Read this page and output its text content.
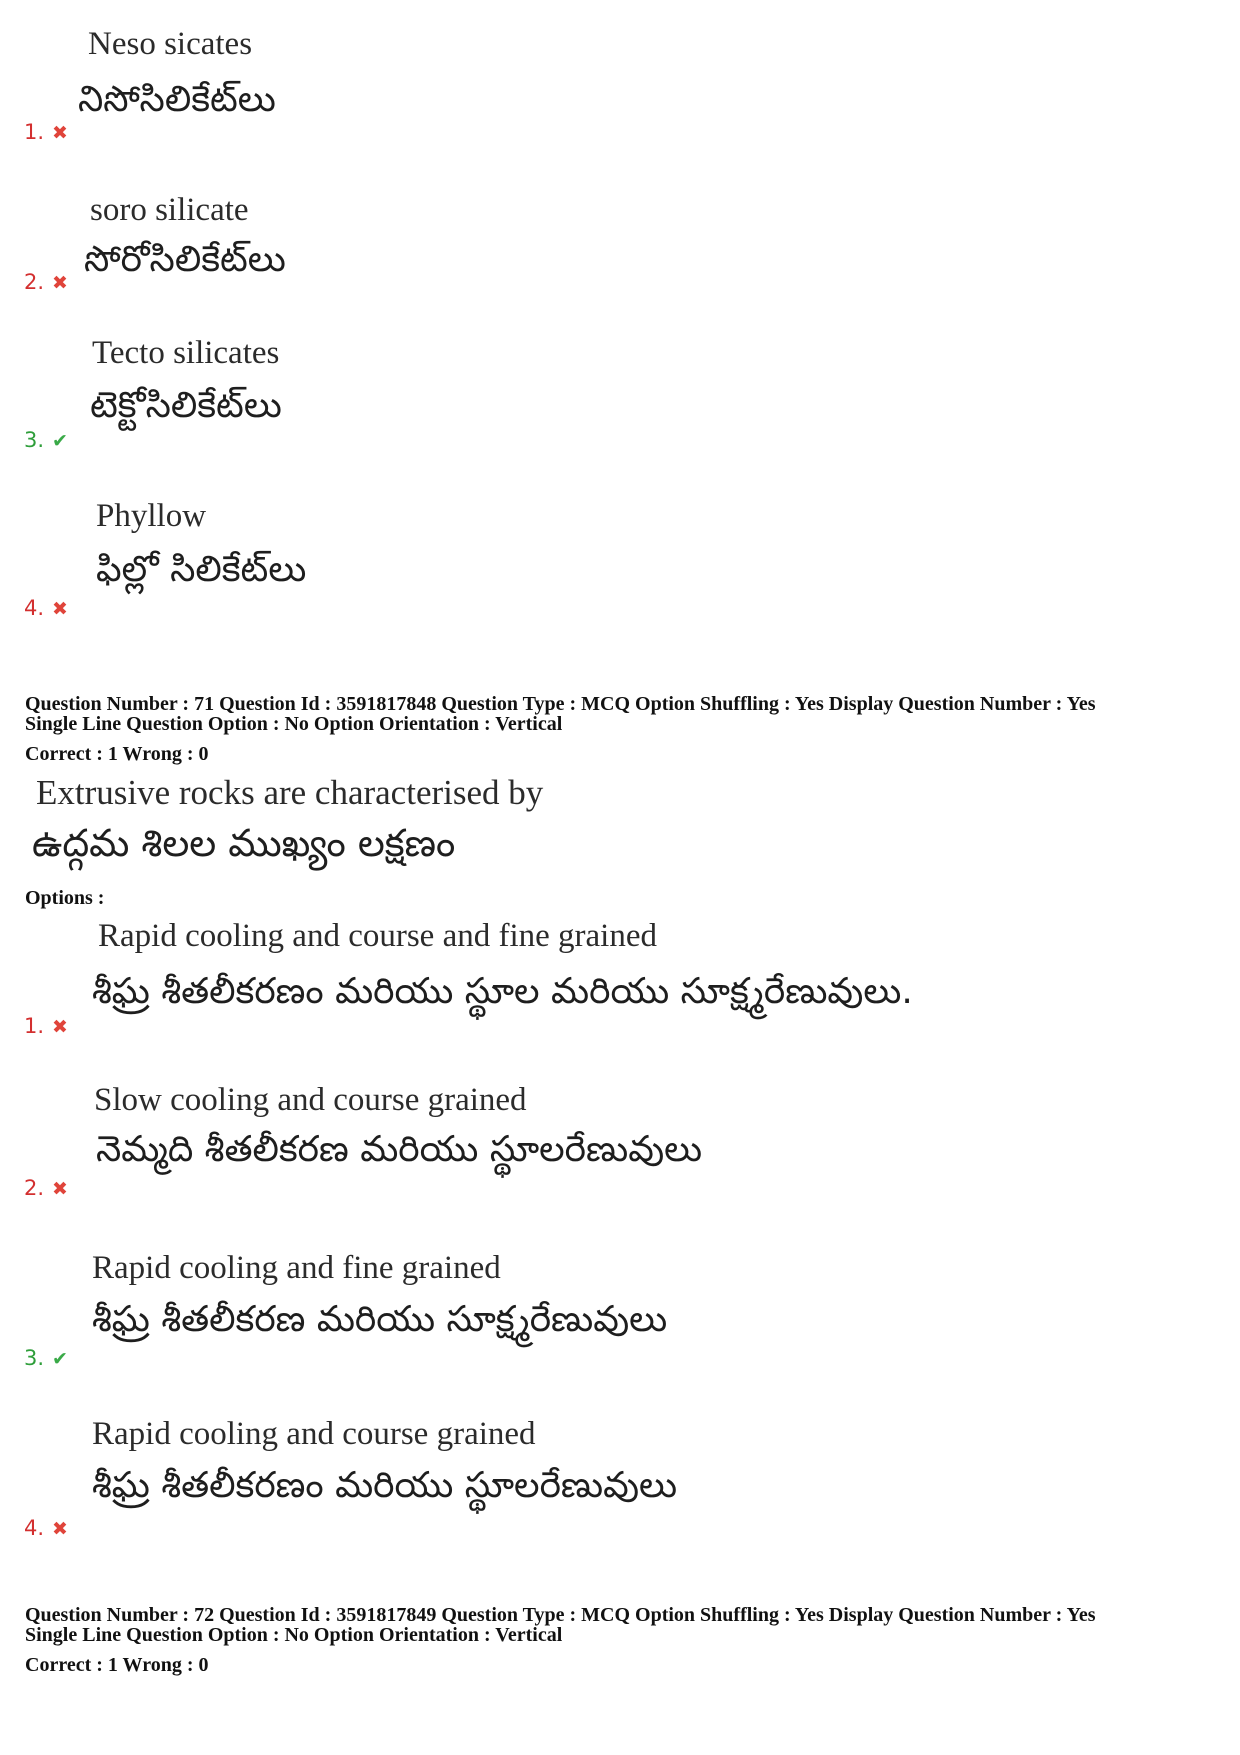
Neso sicates
నిసోసిలికేట్‌లు
1. ✖
soro silicate
సోరోసిలికేట్‌లు
2. ✖
Tecto silicates
టెక్టోసిలికేట్‌లు
3. ✔
Phyllow
ఫిల్లో సిలికేట్‌లు
4. ✖
Question Number : 71 Question Id : 3591817848 Question Type : MCQ Option Shuffling : Yes Display Question Number : Yes
Single Line Question Option : No Option Orientation : Vertical
Correct : 1 Wrong : 0
Extrusive rocks are characterised by
ఉద్గమ శిలల ముఖ్యం లక్షణం
Options :
Rapid cooling and course and fine grained
శీఘ్ర శీతలీకరణం మరియు స్థూల మరియు సూక్ష్మరేణువులు.
1. ✖
Slow cooling and course grained
నెమ్మది శీతలీకరణ మరియు స్థూలరేణువులు
2. ✖
Rapid cooling and fine grained
శీఘ్ర శీతలీకరణ మరియు సూక్ష్మరేణువులు
3. ✔
Rapid cooling and course grained
శీఘ్ర శీతలీకరణం మరియు స్థూలరేణువులు
4. ✖
Question Number : 72 Question Id : 3591817849 Question Type : MCQ Option Shuffling : Yes Display Question Number : Yes
Single Line Question Option : No Option Orientation : Vertical
Correct : 1 Wrong : 0
